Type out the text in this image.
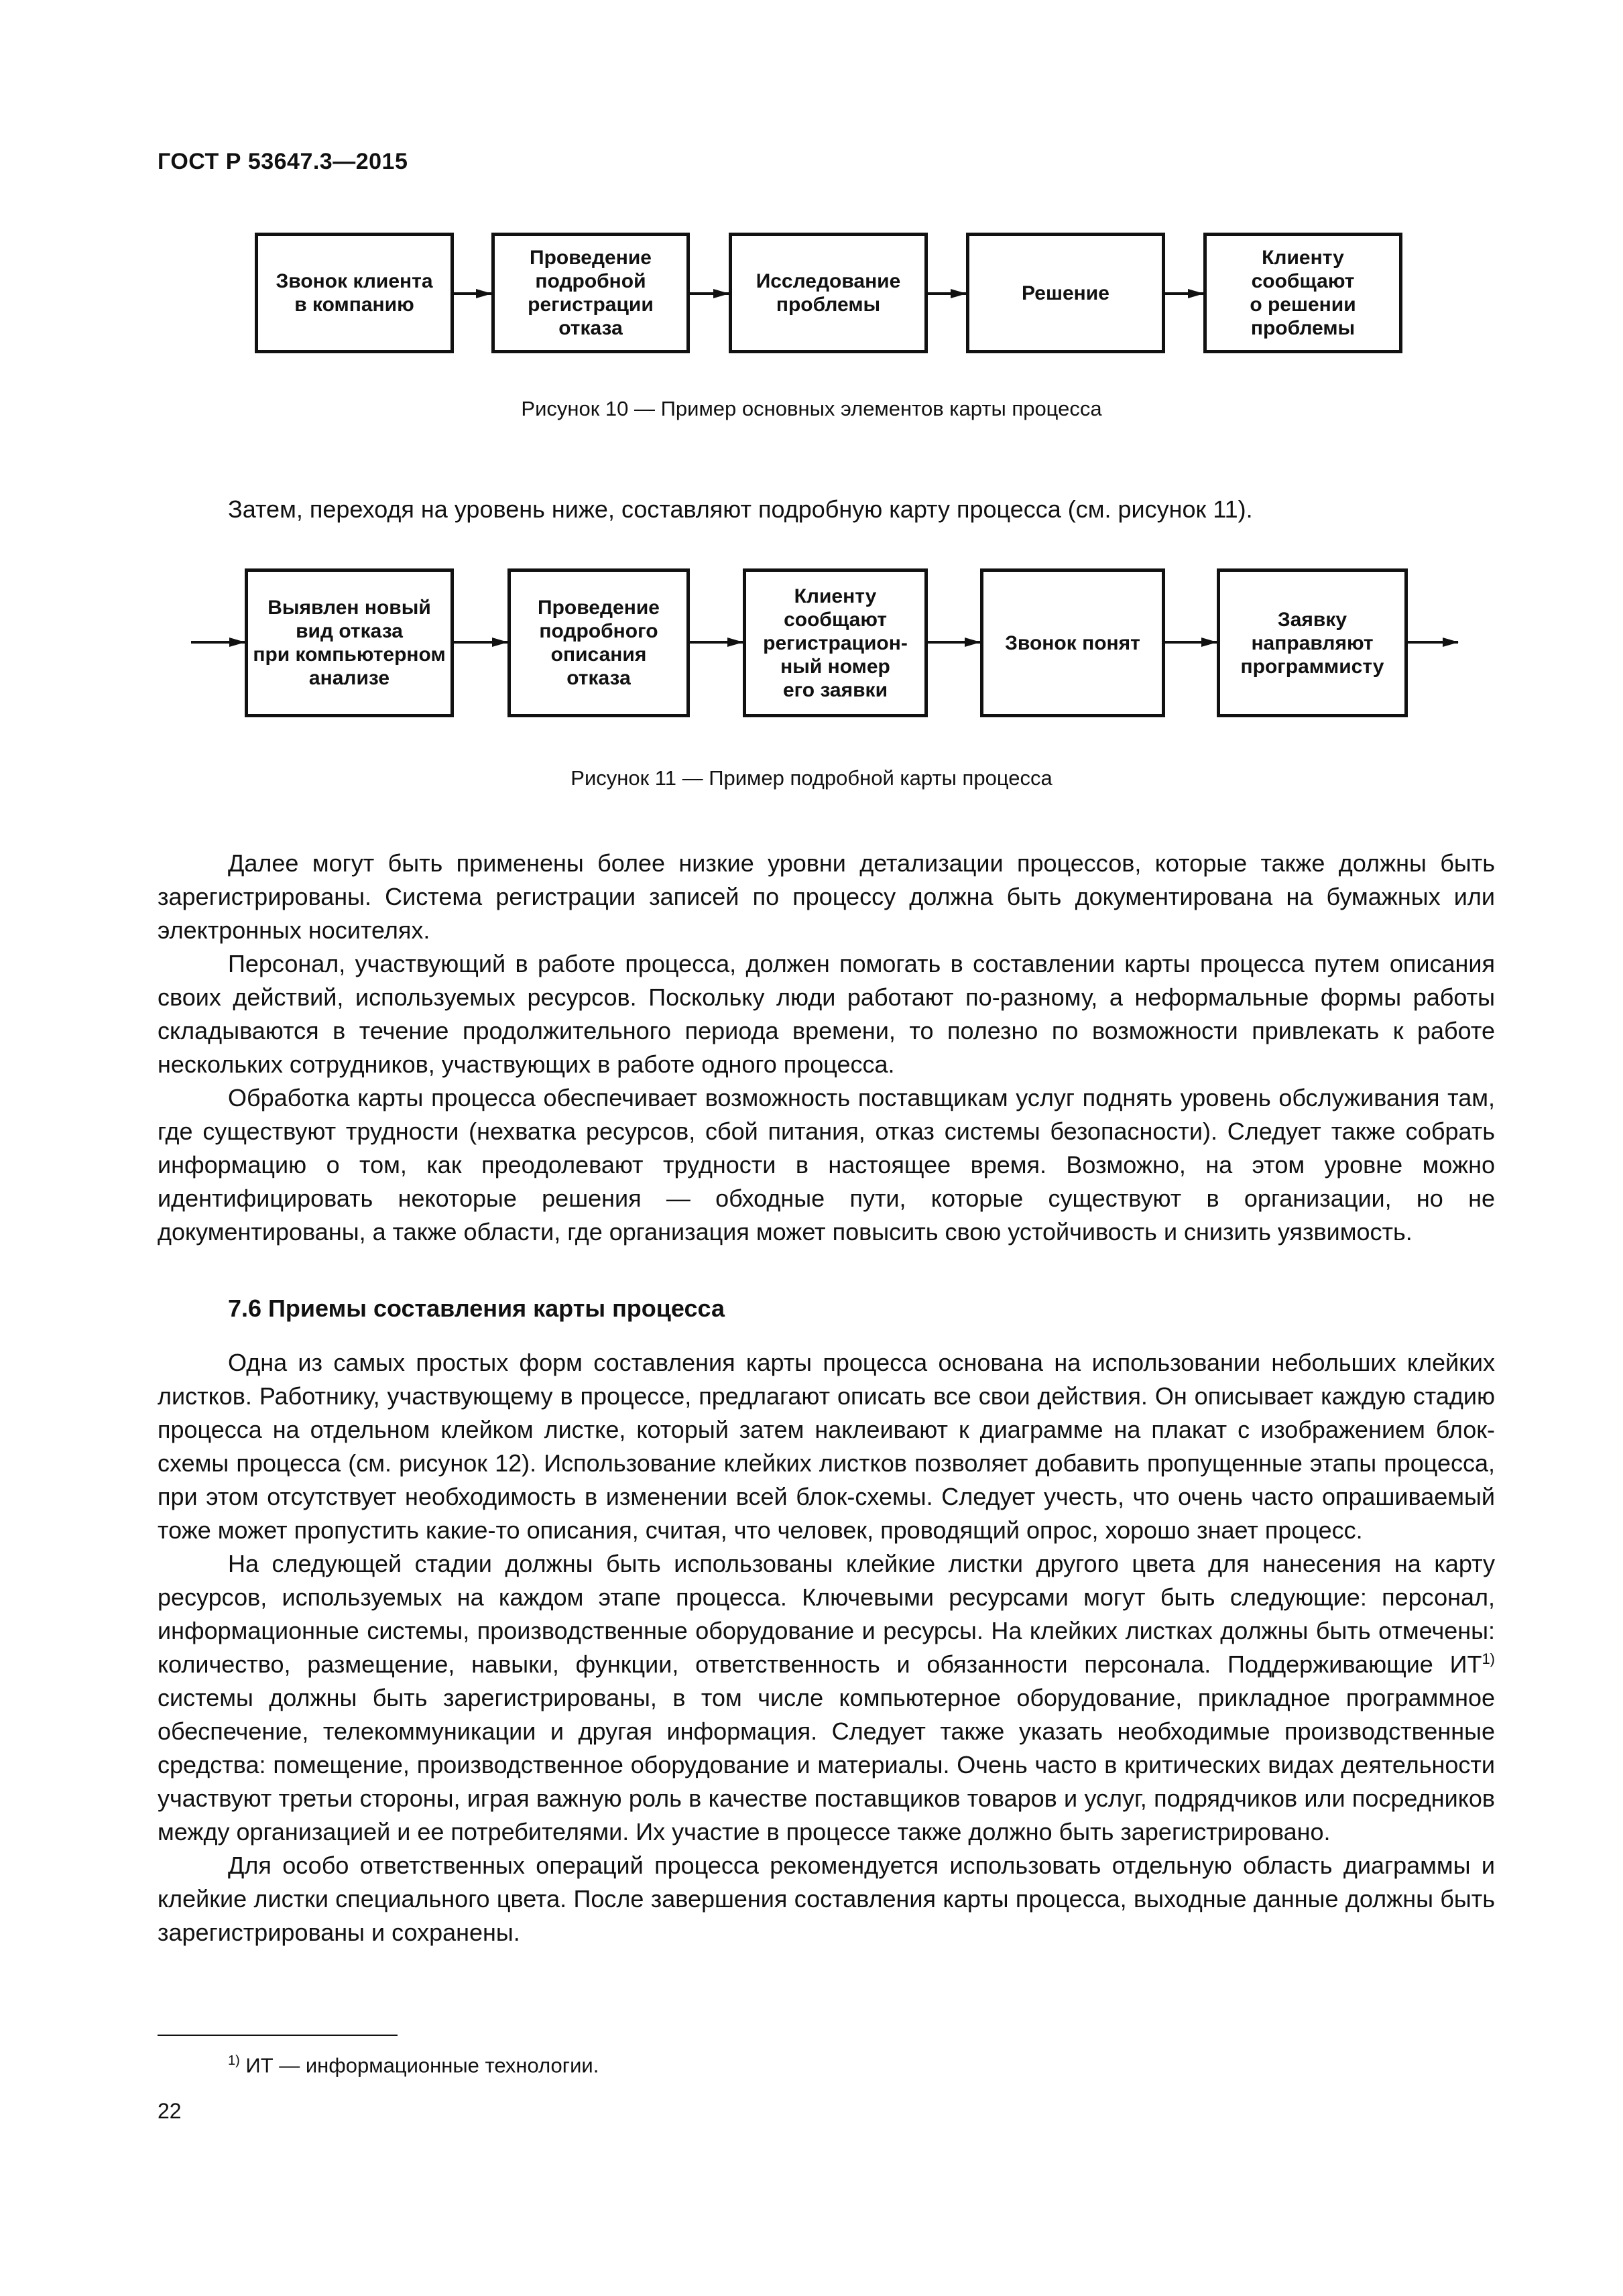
ГОСТ Р 53647.3—2015
Звонок клиента
в компанию
Проведение
подробной
регистрации
отказа
Исследование
проблемы
Решение
Клиенту
сообщают
о решении
проблемы
Рисунок 10 — Пример основных элементов карты процесса

Затем, переходя на уровень ниже, составляют подробную карту процесса (см. рисунок 11).

Выявлен новый
вид отказа
при компьютерном
анализе
Проведение
подробного
описания
отказа
Клиенту
сообщают
регистрацион-
ный номер
его заявки
Звонок понят
Заявку
направляют
программисту
Рисунок 11 — Пример подробной карты процесса

Далее могут быть применены более низкие уровни детализации процессов, которые также должны быть зарегистрированы. Система регистрации записей по процессу должна быть документирована на бумажных или электронных носителях.

Персонал, участвующий в работе процесса, должен помогать в составлении карты процесса путем описания своих действий, используемых ресурсов. Поскольку люди работают по-разному, а неформальные формы работы складываются в течение продолжительного периода времени, то полезно по возможности привлекать к работе нескольких сотрудников, участвующих в работе одного процесса.

Обработка карты процесса обеспечивает возможность поставщикам услуг поднять уровень обслуживания там, где существуют трудности (нехватка ресурсов, сбой питания, отказ системы безопасности). Следует также собрать информацию о том, как преодолевают трудности в настоящее время. Возможно, на этом уровне можно идентифицировать некоторые решения — обходные пути, которые существуют в организации, но не документированы, а также области, где организация может повысить свою устойчивость и снизить уязвимость.

7.6 Приемы составления карты процесса

Одна из самых простых форм составления карты процесса основана на использовании небольших клейких листков. Работнику, участвующему в процессе, предлагают описать все свои действия. Он описывает каждую стадию процесса на отдельном клейком листке, который затем наклеивают к диаграмме на плакат с изображением блок-схемы процесса (см. рисунок 12). Использование клейких листков позволяет добавить пропущенные этапы процесса, при этом отсутствует необходимость в изменении всей блок-схемы. Следует учесть, что очень часто опрашиваемый тоже может пропустить какие-то описания, считая, что человек, проводящий опрос, хорошо знает процесс.

На следующей стадии должны быть использованы клейкие листки другого цвета для нанесения на карту ресурсов, используемых на каждом этапе процесса. Ключевыми ресурсами могут быть следующие: персонал, информационные системы, производственные оборудование и ресурсы. На клейких листках должны быть отмечены: количество, размещение, навыки, функции, ответственность и обязанности персонала. Поддерживающие ИТ$^{1)}$ системы должны быть зарегистрированы, в том числе компьютерное оборудование, прикладное программное обеспечение, телекоммуникации и другая информация. Следует также указать необходимые производственные средства: помещение, производственное оборудование и материалы. Очень часто в критических видах деятельности участвуют третьи стороны, играя важную роль в качестве поставщиков товаров и услуг, подрядчиков или посредников между организацией и ее потребителями. Их участие в процессе также должно быть зарегистрировано.

Для особо ответственных операций процесса рекомендуется использовать отдельную область диаграммы и клейкие листки специального цвета. После завершения составления карты процесса, выходные данные должны быть зарегистрированы и сохранены.

$^{1)}$ ИТ — информационные технологии.
22
